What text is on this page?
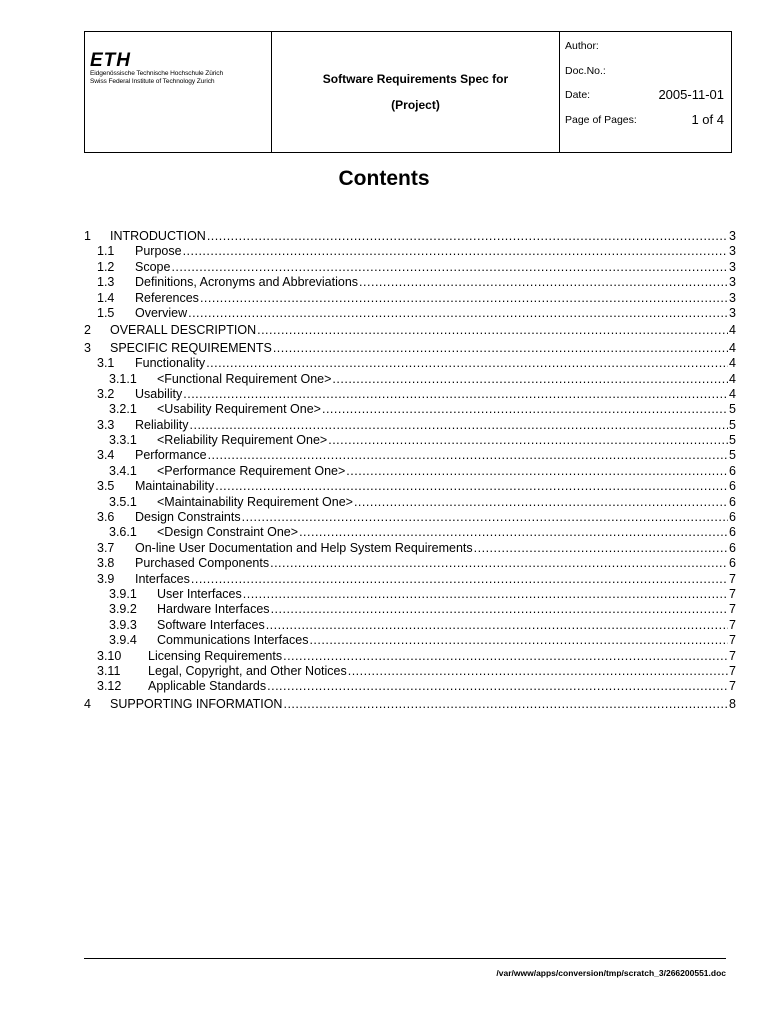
ETH
Eidgenössische Technische Hochschule Zürich
Swiss Federal Institute of Technology Zurich	Software Requirements Spec for
(Project)
Author:
Doc.No.:
Date:	2005-11-01
Page of Pages:	1 of 4
Contents
1	INTRODUCTION .....	3
1.1	Purpose .....	3
1.2	Scope .....	3
1.3	Definitions, Acronyms and Abbreviations .....	3
1.4	References .....	3
1.5	Overview .....	3
2	OVERALL DESCRIPTION .....	4
3	SPECIFIC REQUIREMENTS .....	4
3.1	Functionality .....	4
3.1.1	<Functional Requirement One> .....	4
3.2	Usability .....	4
3.2.1	<Usability Requirement One> .....	5
3.3	Reliability .....	5
3.3.1	<Reliability Requirement One> .....	5
3.4	Performance .....	5
3.4.1	<Performance Requirement One> .....	6
3.5	Maintainability .....	6
3.5.1	<Maintainability Requirement One> .....	6
3.6	Design Constraints .....	6
3.6.1	<Design Constraint One> .....	6
3.7	On-line User Documentation and Help System Requirements .....	6
3.8	Purchased Components .....	6
3.9	Interfaces .....	7
3.9.1	User Interfaces .....	7
3.9.2	Hardware Interfaces .....	7
3.9.3	Software Interfaces .....	7
3.9.4	Communications Interfaces .....	7
3.10	Licensing Requirements .....	7
3.11	Legal, Copyright, and Other Notices .....	7
3.12	Applicable Standards .....	7
4	SUPPORTING INFORMATION .....	8
/var/www/apps/conversion/tmp/scratch_3/266200551.doc
